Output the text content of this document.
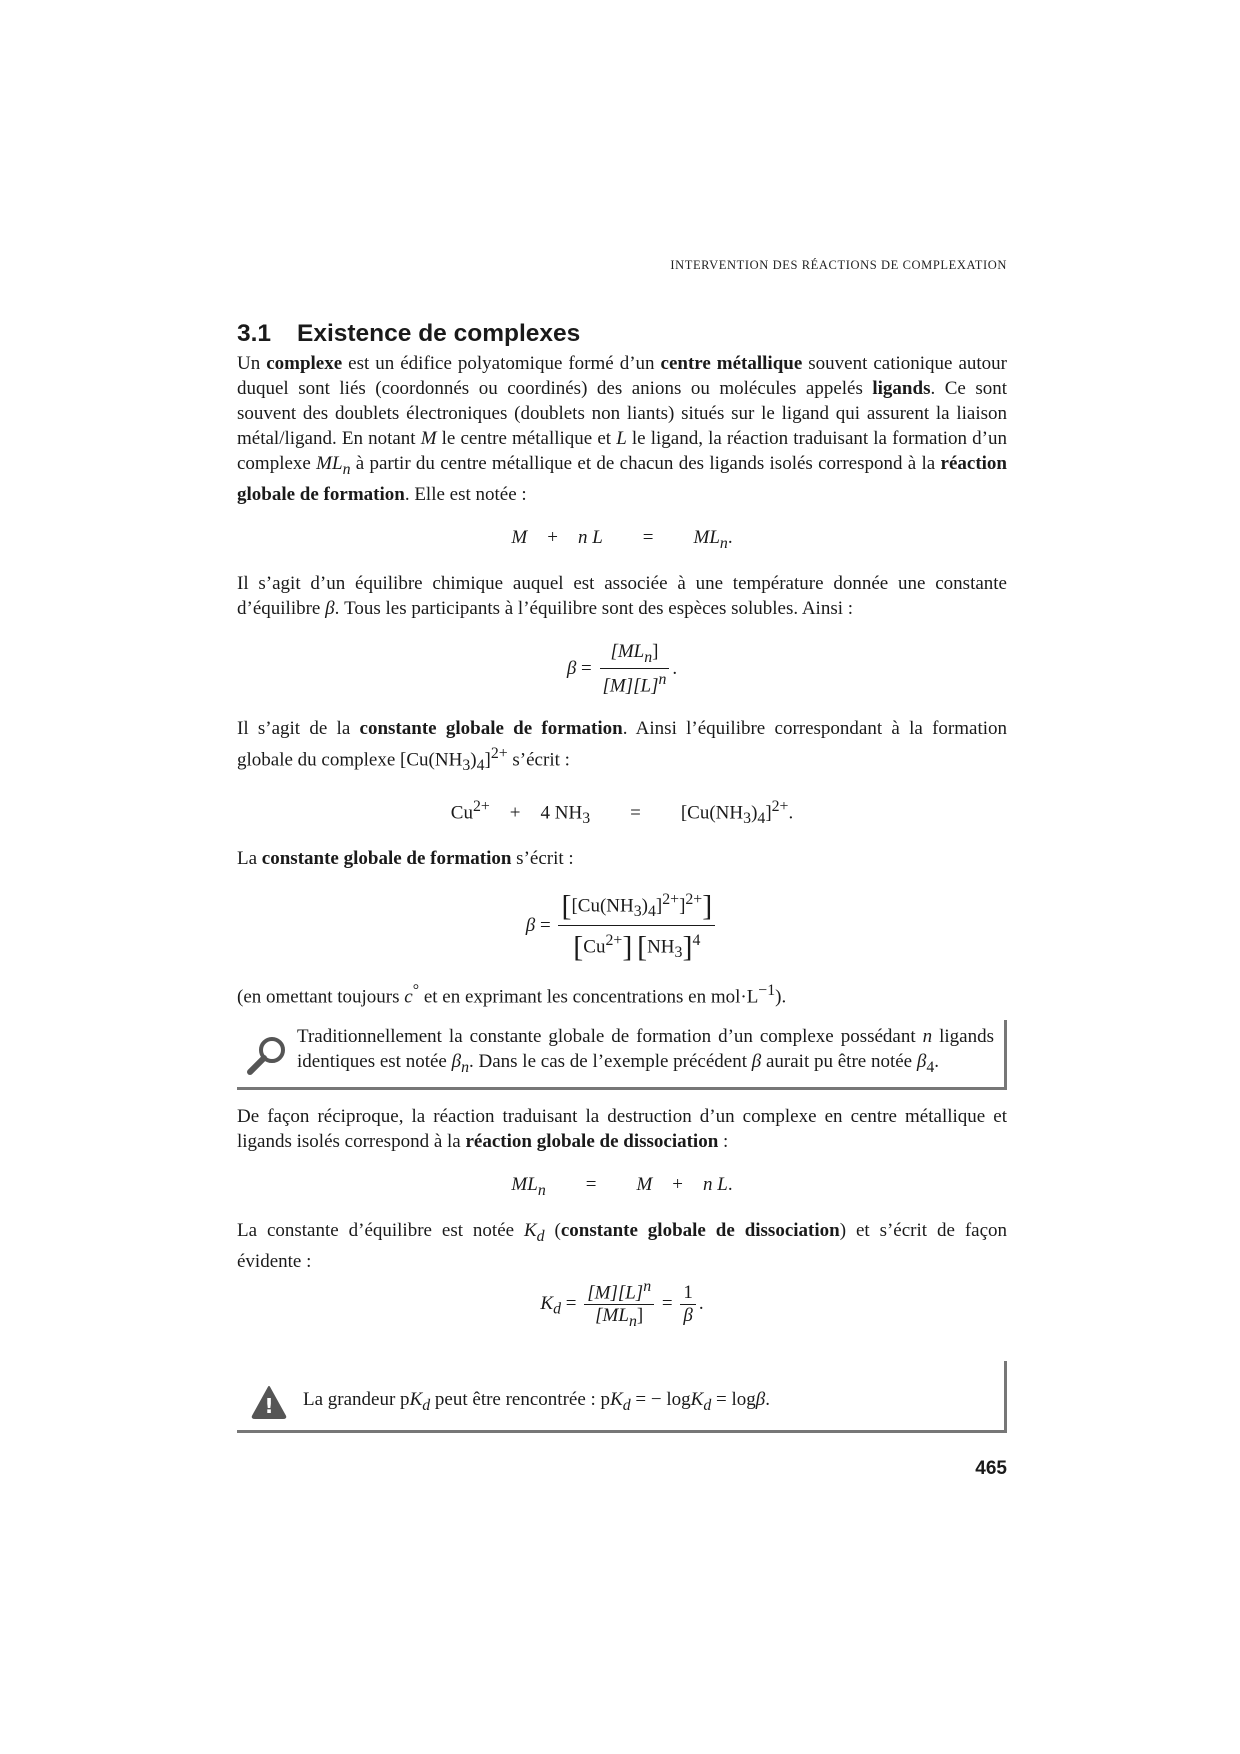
INTERVENTION DES RÉACTIONS DE COMPLEXATION
3.1 Existence de complexes

Un complexe est un édifice polyatomique formé d’un centre métallique souvent cationique autour duquel sont liés (coordonnés ou coordinés) des anions ou molécules appelés ligands. Ce sont souvent des doublets électroniques (doublets non liants) situés sur le ligand qui assurent la liaison métal/ligand. En notant M le centre métallique et L le ligand, la réaction traduisant la formation d’un complexe $ML_n$ à partir du centre métallique et de chacun des ligands isolés correspond à la réaction globale de formation. Elle est notée :

M + n $L = ML_n$.

Il s’agit d’un équilibre chimique auquel est associée à une température donnée une constante d’équilibre β. Tous les participants à l’équilibre sont des espèces solubles. Ainsi :

$\beta = \frac{[ML_n]}{[M][L]^n}$ .

Il s’agit de la constante globale de formation. Ainsi l’équilibre correspondant à la formation globale du complexe $[Cu(NH_3)_4]^{2+}$ s’écrit :

$Cu^{2+} + 4$ $NH_3 = [Cu(NH_3)_4]^{2+}$.

La constante globale de formation s’écrit :

$\beta = \frac{[[Cu(NH_3)_4]^{2+}]^{2+}]}{[Cu^{2+}] [NH_3]^4}$

(en omettant toujours c° et en exprimant les concentrations en $mol\cdot L^{-1}$).

Traditionnellement la constante globale de formation d’un complexe possédant n ligands identiques est notée $\beta_n$. Dans le cas de l’exemple précédent β aurait pu être notée $\beta_4$.

De façon réciproque, la réaction traduisant la destruction d’un complexe en centre métallique et ligands isolés correspond à la réaction globale de dissociation :

$ML_n = M + n$ L.

La constante d’équilibre est notée $K_d$ (constante globale de dissociation) et s’écrit de façon évidente :

$K_d = \frac{[M][L]^n}{[ML_n]} = \frac{1}{\beta}$ .
! La grandeur $pK_d$ peut être rencontrée : $pK_d$ = − logK$_d$ = logβ.

465
